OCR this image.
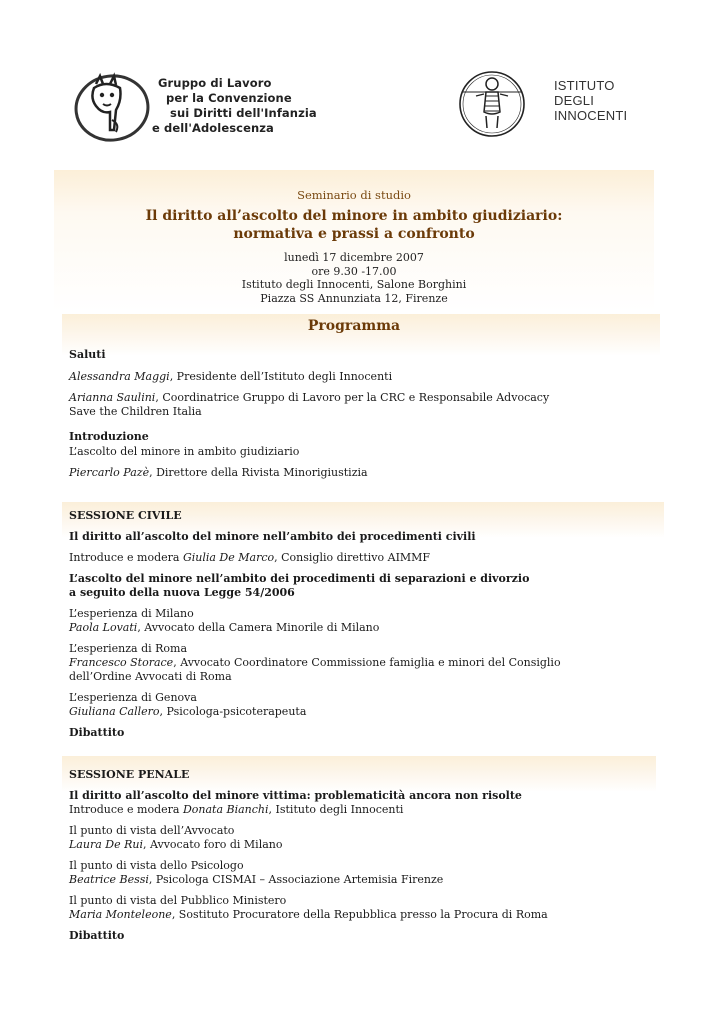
Gruppo di Lavoro
per la Convenzione
sui Diritti dell'Infanzia
e dell'Adolescenza
ISTITUTO
DEGLI INNOCENTI
Seminario di studio
Il diritto all’ascolto del minore in ambito giudiziario:
normativa e prassi a confronto
lunedì 17 dicembre 2007
ore 9.30 -17.00
Istituto degli Innocenti, Salone Borghini
Piazza SS Annunziata 12, Firenze
Programma
Saluti
Alessandra Maggi, Presidente dell’Istituto degli Innocenti
Arianna Saulini, Coordinatrice Gruppo di Lavoro per la CRC e Responsabile Advocacy
Save the Children Italia
Introduzione
L’ascolto del minore in ambito giudiziario
Piercarlo Pazè, Direttore della Rivista Minorigiustizia
SESSIONE CIVILE
Il diritto all’ascolto del minore nell’ambito dei procedimenti civili
Introduce e modera Giulia De Marco, Consiglio direttivo AIMMF
L’ascolto del minore nell’ambito dei procedimenti di separazioni e divorzio
a seguito della nuova Legge 54/2006
L’esperienza di Milano
Paola Lovati, Avvocato della Camera Minorile di Milano
L’esperienza di Roma
Francesco Storace, Avvocato Coordinatore Commissione famiglia e minori del Consiglio
dell’Ordine Avvocati di Roma
L’esperienza di Genova
Giuliana Callero, Psicologa-psicoterapeuta
Dibattito
SESSIONE PENALE
Il diritto all’ascolto del minore vittima: problematicità ancora non risolte
Introduce e modera Donata Bianchi, Istituto degli Innocenti
Il punto di vista dell’Avvocato
Laura De Rui, Avvocato foro di Milano
Il punto di vista dello Psicologo
Beatrice Bessi, Psicologa CISMAI – Associazione Artemisia Firenze
Il punto di vista del Pubblico Ministero
Maria Monteleone, Sostituto Procuratore della Repubblica presso la Procura di Roma
Dibattito
